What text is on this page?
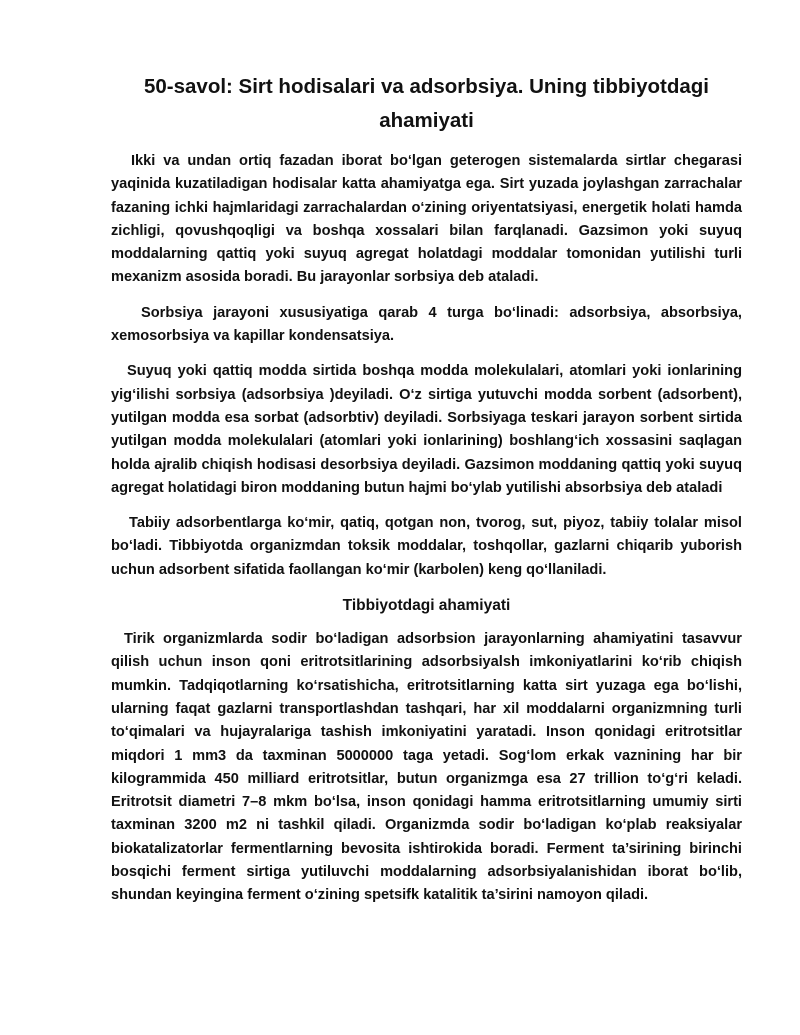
50-savol: Sirt hodisalari va adsorbsiya. Uning tibbiyotdagi ahamiyati

Ikki va undan ortiq fazadan iborat bo‘lgan geterogen sistemalarda sirtlar chegarasi yaqinida kuzatiladigan hodisalar katta ahamiyatga ega. Sirt yuzada joylashgan zarrachalar fazaning ichki hajmlaridagi zarrachalardan o‘zining oriyentatsiyasi, energetik holati hamda zichligi, qovushqoqligi va boshqa xossalari bilan farqlanadi. Gazsimon yoki suyuq moddalarning qattiq yoki suyuq agregat holatdagi moddalar tomonidan yutilishi turli mexanizm asosida boradi. Bu jarayonlar sorbsiya deb ataladi.

Sorbsiya jarayoni xususiyatiga qarab 4 turga bo‘linadi: adsorbsiya, absorbsiya, xemosorbsiya va kapillar kondensatsiya.

Suyuq yoki qattiq modda sirtida boshqa modda molekulalari, atomlari yoki ionlarining yig‘ilishi sorbsiya (adsorbsiya )deyiladi. O‘z sirtiga yutuvchi modda sorbent (adsorbent), yutilgan modda esa sorbat (adsorbtiv) deyiladi. Sorbsiyaga teskari jarayon sorbent sirtida yutilgan modda molekulalari (atomlari yoki ionlarining) boshlang‘ich xossasini saqlagan holda ajralib chiqish hodisasi desorbsiya deyiladi. Gazsimon moddaning qattiq yoki suyuq agregat holatidagi biron moddaning butun hajmi bo‘ylab yutilishi absorbsiya deb ataladi

Tabiiy adsorbentlarga ko‘mir, qatiq, qotgan non, tvorog, sut, piyoz, tabiiy tolalar misol bo‘ladi. Tibbiyotda organizmdan toksik moddalar, toshqollar, gazlarni chiqarib yuborish uchun adsorbent sifatida faollangan ko‘mir (karbolen) keng qo‘llaniladi.

Tibbiyotdagi ahamiyati

Tirik organizmlarda sodir bo‘ladigan adsorbsion jarayonlarning ahamiyatini tasavvur qilish uchun inson qoni eritrotsitlarining adsorbsiyalsh imkoniyatlarini ko‘rib chiqish mumkin. Tadqiqotlarning ko‘rsatishicha, eritrotsitlarning katta sirt yuzaga ega bo‘lishi, ularning faqat gazlarni transportlashdan tashqari, har xil moddalarni organizmning turli to‘qimalari va hujayralariga tashish imkoniyatini yaratadi. Inson qonidagi eritrotsitlar miqdori 1 mm3 da taxminan 5000000 taga yetadi. Sog‘lom erkak vaznining har bir kilogrammida 450 milliard eritrotsitlar, butun organizmga esa 27 trillion to‘g‘ri keladi. Eritrotsit diametri 7–8 mkm bo‘lsa, inson qonidagi hamma eritrotsitlarning umumiy sirti taxminan 3200 m2 ni tashkil qiladi. Organizmda sodir bo‘ladigan ko‘plab reaksiyalar biokatalizatorlar fermentlarning bevosita ishtirokida boradi. Ferment ta’sirining birinchi bosqichi ferment sirtiga yutiluvchi moddalarning adsorbsiyalanishidan iborat bo‘lib, shundan keyingina ferment o‘zining spetsifk katalitik ta’sirini namoyon qiladi.
